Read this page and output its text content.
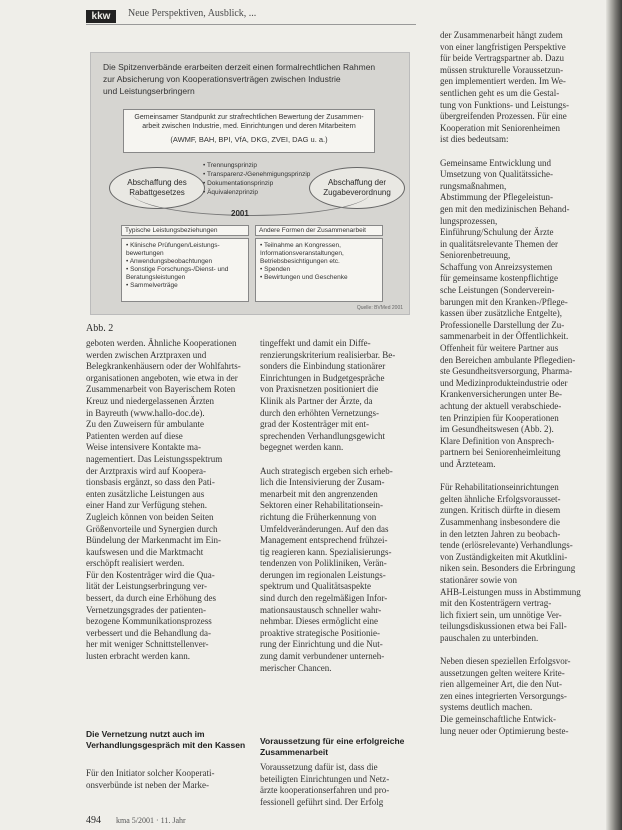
kkw	Neue Perspektiven, Ausblick, ...
Die Spitzenverbände erarbeiten derzeit einen formalrechtlichen Rahmen
zur Absicherung von Kooperationsverträgen zwischen Industrie
und Leistungserbringern
Gemeinsamer Standpunkt zur strafrechtlichen Bewertung der Zusammen-
arbeit zwischen Industrie, med. Einrichtungen und deren Mitarbeitern
(AWMF, BAH, BPI, VfA, DKG, ZVEI, DAG u. a.)
Abschaffung des
Rabattgesetzes
• Trennungsprinzip
• Transparenz-/Genehmigungsprinzip
• Dokumentationsprinzip
• Äquivalenzprinzip
Abschaffung der
Zugabeverordnung
2001
Typische Leistungsbeziehungen	Andere Formen der Zusammenarbeit
• Klinische Prüfungen/Leistungs-
bewertungen
• Anwendungsbeobachtungen
• Sonstige Forschungs-/Dienst- und
Beratungsleistungen
• Sammelverträge
• Teilnahme an Kongressen,
Informationsveranstaltungen,
Betriebsbesichtigungen etc.
• Spenden
• Bewirtungen und Geschenke
Quelle: BVMed 2001
Abb. 2
geboten werden. Ähnliche Kooperationen
werden zwischen Arztpraxen und
Belegkrankenhäusern oder der Wohlfahrts-
organisationen angeboten, wie etwa in der
Zusammenarbeit von Bayerischem Roten
Kreuz und niedergelassenen Ärzten
in Bayreuth (www.hallo-doc.de).
Zu den Zuweisern für ambulante
Patienten werden auf diese
Weise intensivere Kontakte ma-
nagementiert. Das Leistungsspektrum
der Arztpraxis wird auf Koopera-
tionsbasis ergänzt, so dass den Pati-
enten zusätzliche Leistungen aus
einer Hand zur Verfügung stehen.
Zugleich können von beiden Seiten
Größenvorteile und Synergien durch
Bündelung der Markenmacht im Ein-
kaufswesen und die Marktmacht
erschöpft realisiert werden.
Für den Kostenträger wird die Qua-
lität der Leistungserbringung ver-
bessert, da durch eine Erhöhung des
Vernetzungsgrades der patienten-
bezogene Kommunikationsprozess
verbessert und die Behandlung da-
her mit weniger Schnittstellenver-
lusten erbracht werden kann.
Die Vernetzung nutzt auch im Verhandlungsgespräch mit den Kassen
Für den Initiator solcher Kooperati-
onsverbünde ist neben der Marke-
tingeffekt und damit ein Diffe-
renzierungskriterium realisierbar. Be-
sonders die Einbindung stationärer
Einrichtungen in Budgetgespräche
von Praxisnetzen positioniert die
Klinik als Partner der Ärzte, da
durch den erhöhten Vernetzungs-
grad der Kostenträger mit ent-
sprechenden Verhandlungsgewicht
begegnet werden kann.

Auch strategisch ergeben sich erheb-
lich die Intensivierung der Zusam-
menarbeit mit den angrenzenden
Sektoren einer Rehabilitationsein-
richtung die Früherkennung von
Umfeldveränderungen. Auf den das
Management entsprechend frühzei-
tig reagieren kann. Spezialisierungs-
tendenzen von Polikliniken, Verän-
derungen im regionalen Leistungs-
spektrum und Qualitätsaspekte
sind durch den regelmäßigen Infor-
mationsaustausch schneller wahr-
nehmbar. Dieses ermöglicht eine
proaktive strategische Positionie-
rung der Einrichtung und die Nut-
zung damit verbundener unterneh-
merischer Chancen.
Voraussetzung für eine erfolgreiche Zusammenarbeit
Voraussetzung dafür ist, dass die
beteiligten Einrichtungen und Netz-
ärzte kooperationserfahren und pro-
fessionell geführt sind. Der Erfolg
der Zusammenarbeit hängt zudem
von einer langfristigen Perspektive
für beide Vertragspartner ab. Dazu
müssen strukturelle Voraussetzun-
gen implementiert werden. Im We-
sentlichen geht es um die Gestal-
tung von Funktions- und Leistungs-
übergreifenden Prozessen. Für eine
Kooperation mit Seniorenheimen
ist dies bedeutsam:

Gemeinsame Entwicklung und
Umsetzung von Qualitätssiche-
rungsmaßnahmen,
Abstimmung der Pflegeleistun-
gen mit den medizinischen Behand-
lungsprozessen,
Einführung/Schulung der Ärzte
in qualitätsrelevante Themen der
Seniorenbetreuung,
Schaffung von Anreizsystemen
für gemeinsame kostenpflichtige
sche Leistungen (Sonderverein-
barungen mit den Kranken-/Pflege-
kassen über zusätzliche Entgelte),
Professionelle Darstellung der Zu-
sammenarbeit in der Öffentlichkeit.
Offenheit für weitere Partner aus
den Bereichen ambulante Pflegedien-
ste Gesundheitsversorgung, Pharma-
und Medizinprodukteindustrie oder
Krankenversicherungen unter Be-
achtung der aktuell verabschiede-
ten Prinzipien für Kooperationen
im Gesundheitswesen (Abb. 2).
Klare Definition von Ansprech-
partnern bei Seniorenheimleitung
und Ärzteteam.

Für Rehabilitationseinrichtungen
gelten ähnliche Erfolgsvorausset-
zungen. Kritisch dürfte in diesem
Zusammenhang insbesondere die
in den letzten Jahren zu beobach-
tende (erlösrelevante) Verhandlungs-
von Zuständigkeiten mit Akutklini-
niken sein. Besonders die Erbringung
stationärer sowie von
AHB-Leistungen muss in Abstimmung
mit den Kostenträgern vertrag-
lich fixiert sein, um unnötige Ver-
teilungsdiskussionen etwa bei Fall-
pauschalen zu unterbinden.

Neben diesen speziellen Erfolgsvor-
aussetzungen gelten weitere Krite-
rien allgemeiner Art, die den Nut-
zen eines integrierten Versorgungs-
systems deutlich machen.
Die gemeinschaftliche Entwick-
lung neuer oder Optimierung beste-
494 kma 5/2001 · 11. Jahr
